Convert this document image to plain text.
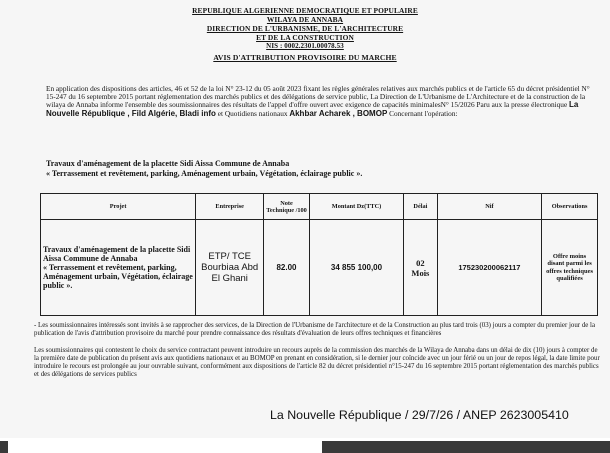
REPUBLIQUE ALGERIENNE DEMOCRATIQUE ET POPULAIRE
WILAYA DE ANNABA
DIRECTION DE L'URBANISME, DE L'ARCHITECTURE
ET DE LA CONSTRUCTION
NIS : 0002.2301.00078.53
AVIS D'ATTRIBUTION PROVISOIRE DU MARCHE
En application des dispositions des articles, 46 et 52 de la loi N° 23-12 du 05 août 2023 fixant les règles générales relatives aux marchés publics et de l'article 65 du décret présidentiel N° 15-247 du 16 septembre 2015 portant réglementation des marchés publics et des délégations de service public, La Direction de L'Urbanisme de L'Architecture et de la construction de la wilaya de Annaba informe l'ensemble des soumissionnaires des résultats de l'appel d'offre ouvert avec exigence de capacités minimalesN° 15/2026 Paru aux la presse électronique La Nouvelle République , Fild Algérie, Bladi info et Quotidiens nationaux Akhbar Acharek , BOMOP Concernant l'opération:
Travaux d'aménagement de la placette Sidi Aissa Commune de Annaba
« Terrassement et revêtement, parking, Aménagement urbain, Végétation, éclairage public ».
Projet	Entreprise	Note Technique /100	Montant Dz(TTC)	Délai	Nif	Observations

Travaux d'aménagement de la placette Sidi Aissa Commune de Annaba
« Terrassement et revêtement, parking, Aménagement urbain, Végétation, éclairage public ».	ETP/ TCE Bourbiaa Abd El Ghani	82.00	34 855 100,00	02 Mois	175230200062117	Offre moins disant parmi les offres techniques qualifiées
- Les soumissionnaires intéressés sont invités à se rapprocher des services, de la Direction de l'Urbanisme de l'architecture et de la Construction au plus tard trois (03) jours a compter du premier jour de la publication de l'avis d'attribution provisoire du marché pour prendre connaissance des résultats d'évaluation de leurs offres techniques et financières
Les soumissionnaires qui contestent le choix du service contractant peuvent introduire un recours auprès de la commission des marchés de la Wilaya de Annaba dans un délai de dix (10) jours à compter de la première date de publication du présent avis aux quotidiens nationaux et au BOMOP en prenant en considération, si le dernier jour coïncide avec un jour férié ou un jour de repos légal, la date limite pour introduire le recours est prolongée au jour ouvrable suivant, conformément aux dispositions de l'article 82 du décret présidentiel n°15-247 du 16 septembre 2015 portant réglementation des marchés publics et des délégations de services publics
La Nouvelle République / 29/7/26 / ANEP 2623005410
